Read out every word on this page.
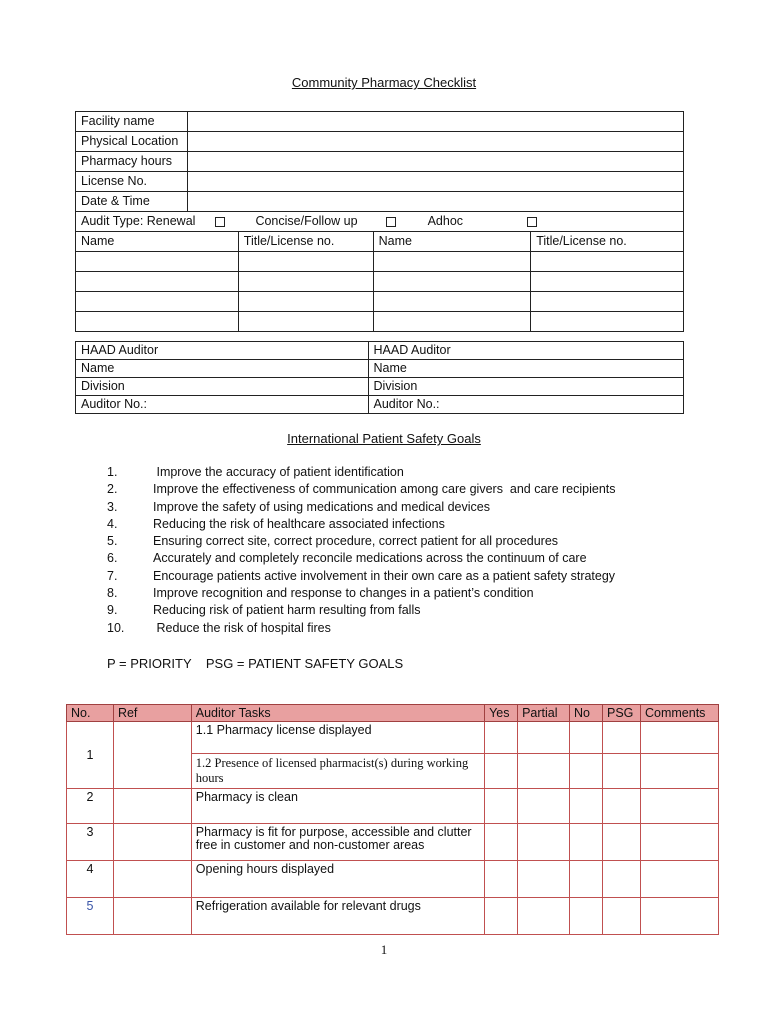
Community Pharmacy Checklist
Facility name				
Physical Location				
Pharmacy hours				
License No.				
Date & Time				

Audit Type: Renewal Concise/Follow up Adhoc				

Name		Title/License no.	Name	Title/License no.

HAAD Auditor	HAAD Auditor
Name	Name
Division	Division
Auditor No.:	Auditor No.:
International Patient Safety Goals
1.	Improve the accuracy of patient identification
2.	Improve the effectiveness of communication among care givers  and care recipients
3.	Improve the safety of using medications and medical devices
4.	Reducing the risk of healthcare associated infections
5.	Ensuring correct site, correct procedure, correct patient for all procedures
6.	Accurately and completely reconcile medications across the continuum of care
7.	Encourage patients active involvement in their own care as a patient safety strategy
8.	Improve recognition and response to changes in a patient’s condition
9.	Reducing risk of patient harm resulting from falls
10. Reduce the risk of hospital fires
P = PRIORITY    PSG = PATIENT SAFETY GOALS
No.	Ref	Auditor Tasks	Yes	Partial	No	PSG	Comments
1		1.1 Pharmacy license displayed					
		1.2 Presence of licensed pharmacist(s) during working hours					
2		Pharmacy is clean					
3		Pharmacy is fit for purpose, accessible and clutter free in customer and non-customer areas					
4		Opening hours displayed					
5		Refrigeration available for relevant drugs					
1
